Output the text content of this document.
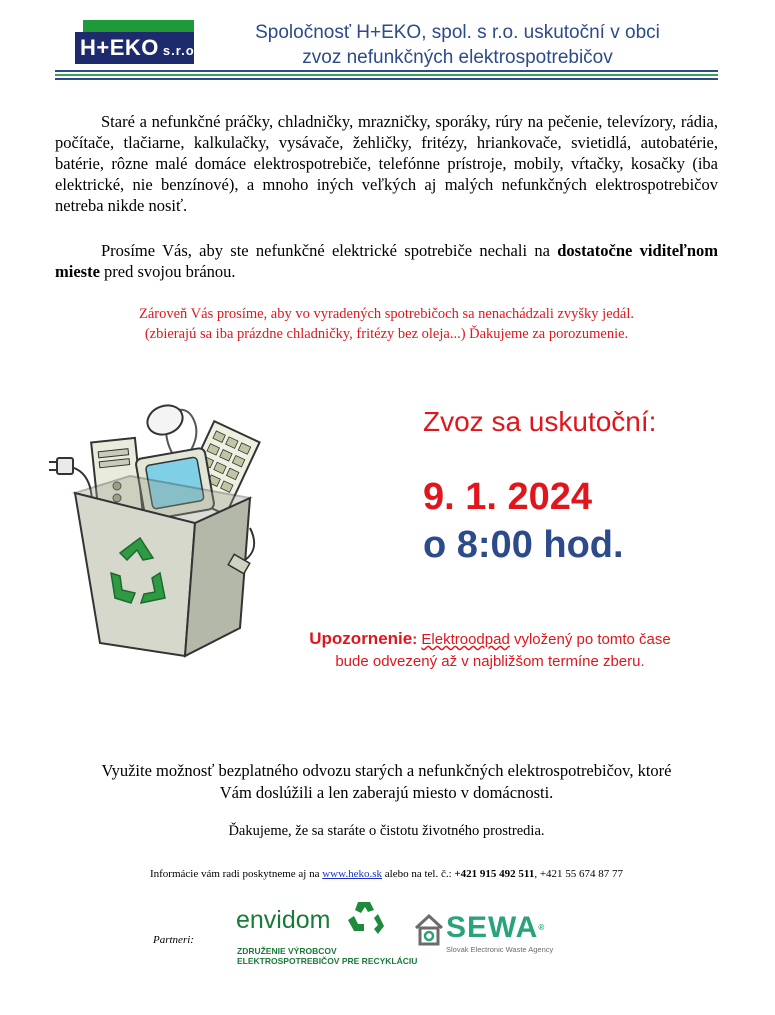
H+EKO s.r.o.
Spoločnosť H+EKO, spol. s r.o. uskutoční v obci
zvoz nefunkčných elektrospotrebičov
Staré a nefunkčné práčky, chladničky, mrazničky, sporáky, rúry na pečenie, televízory, rádia, počítače, tlačiarne, kalkulačky, vysávače, žehličky, fritézy, hriankovače, svietidlá, autobatérie, batérie, rôzne malé domáce elektrospotrebiče, telefónne prístroje, mobily, vŕtačky, kosačky (iba elektrické, nie benzínové), a mnoho iných veľkých aj malých nefunkčných elektrospotrebičov netreba nikde nosiť.
Prosíme Vás, aby ste nefunkčné elektrické spotrebiče nechali na dostatočne viditeľnom mieste pred svojou bránou.
Zároveň Vás prosíme, aby vo vyradených spotrebičoch sa nenachádzali zvyšky jedál.
(zbierajú sa iba prázdne chladničky, fritézy bez oleja...) Ďakujeme za porozumenie.
Zvoz sa uskutoční:
9. 1. 2024
o 8:00 hod.
Upozornenie: Elektroodpad vyložený po tomto čase
bude odvezený až v najbližšom termíne zberu.
Využite možnosť bezplatného odvozu starých a nefunkčných elektrospotrebičov, ktoré
Vám doslúžili a len zaberajú miesto v domácnosti.
Ďakujeme, že sa staráte o čistotu životného prostredia.
Informácie vám radi poskytneme aj na www.heko.sk alebo na tel. č.: +421 915 492 511, +421 55 674 87 77
Partneri:
envidom
ZDRUŽENIE VÝROBCOV
ELEKTROSPOTREBIČOV PRE RECYKLÁCIU
SEWA®
Slovak Electronic Waste Agency
